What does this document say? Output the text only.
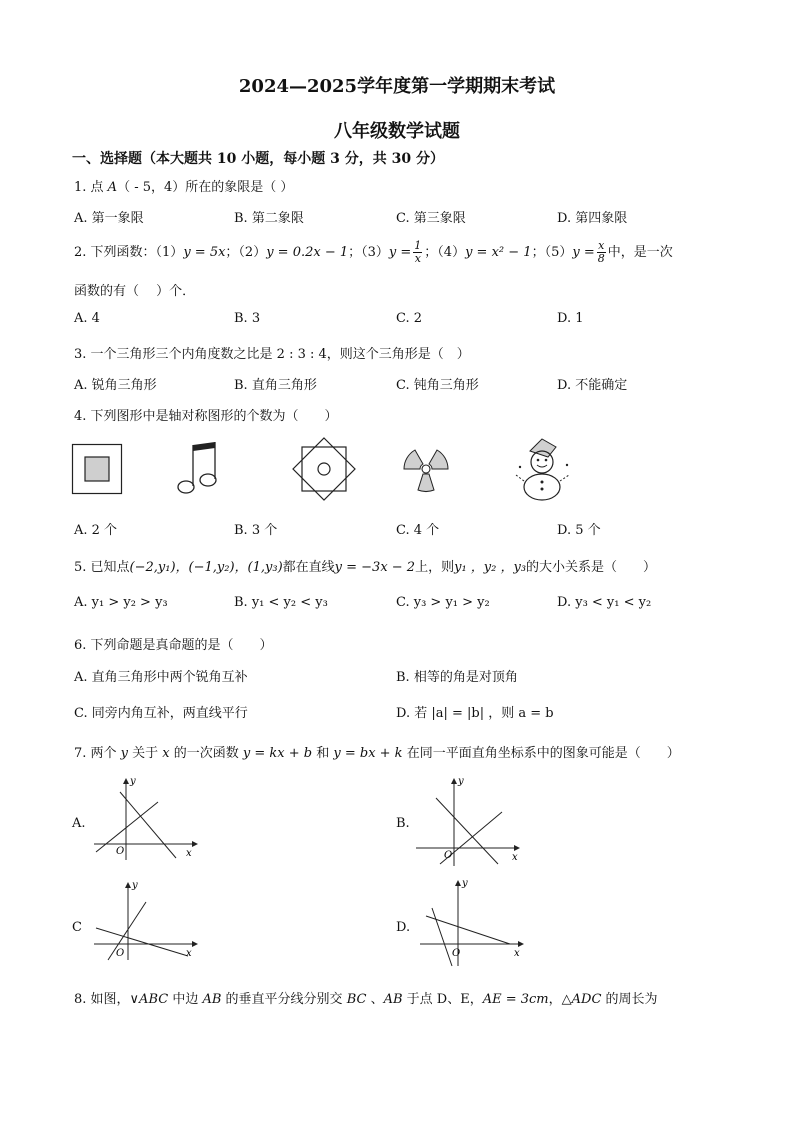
2024—2025学年度第一学期期末考试
八年级数学试题
一、选择题（本大题共 10 小题，每小题 3 分，共 30 分）
1. 点 A（ - 5，4）所在的象限是（ ）
A. 第一象限	B. 第二象限	C. 第三象限	D. 第四象限
2. 下列函数：（1）y = 5x；（2）y = 0.2x − 1；$(3)y = \frac{1}{x}$ ；（4）y = x² − 1；$(5)y = \frac{x}{8}$ 中，是一次
函数的有（　 ）个．
A. 4	B. 3	C. 2	D. 1
3. 一个三角形三个内角度数之比是 2 : 3 : 4，则这个三角形是（　）
A. 锐角三角形	B. 直角三角形	C. 钝角三角形	D. 不能确定
4. 下列图形中是轴对称图形的个数为（　　）
A. 2 个	B. 3 个	C. 4 个	D. 5 个
5. 已知点(−2,y₁)，(−1,y₂)，(1,y₃)都在直线y = −3x − 2上，则y₁ ，y₂ ，y₃的大小关系是（　　）
A. y₁ > y₂ > y₃	B. y₁ < y₂ < y₃	C. y₃ > y₁ > y₂	D. y₃ < y₁ < y₂
6. 下列命题是真命题的是（　　）
A. 直角三角形中两个锐角互补	B. 相等的角是对顶角
C. 同旁内角互补，两直线平行	D. 若 |a| = |b| ，则 a = b
7. 两个 y 关于 x 的一次函数 y = kx + b 和 y = bx + k 在同一平面直角坐标系中的图象可能是（　　）
A.	B.
C	D.
y
x
O
y
x
O
y
x
O
y
x
O
8. 如图，∨ABC 中边 AB 的垂直平分线分别交 BC 、AB 于点 D、E，AE = 3cm，△ADC 的周长为
